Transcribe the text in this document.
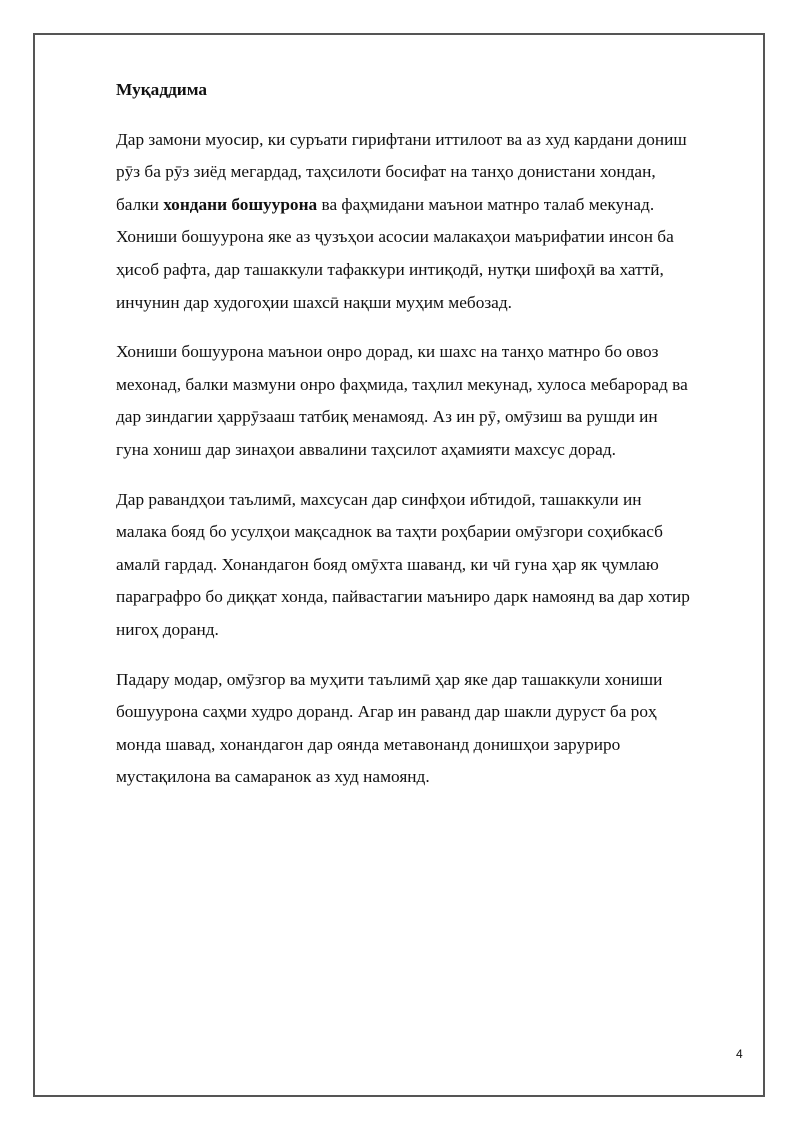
Муқаддима
Дар замони муосир, ки суръати гирифтани иттилоот ва аз худ кардани дониш
рӯз ба рӯз зиёд мегардад, таҳсилоти босифат на танҳо донистани хондан,
балки хондани бошуурона ва фаҳмидани маънои матнро талаб мекунад.
Хониши бошуурона яке аз ҷузъҳои асосии малакаҳои маърифатии инсон ба
ҳисоб рафта, дар ташаккули тафаккури интиқодӣ, нутқи шифоҳӣ ва хаттӣ,
инчунин дар худогоҳии шахсӣ нақши муҳим мебозад.
Хониши бошуурона маънои онро дорад, ки шахс на танҳо матнро бо овоз
мехонад, балки мазмуни онро фаҳмида, таҳлил мекунад, хулоса мебарорад ва
дар зиндагии ҳаррӯзааш татбиқ менамояд. Аз ин рӯ, омӯзиш ва рушди ин
гуна хониш дар зинаҳои аввалини таҳсилот аҳамияти махсус дорад.
Дар равандҳои таълимӣ, махсусан дар синфҳои ибтидоӣ, ташаккули ин
малака бояд бо усулҳои мақсаднок ва таҳти роҳбарии омӯзгори соҳибкасб
амалӣ гардад. Хонандагон бояд омӯхта шаванд, ки чӣ гуна ҳар як ҷумлаю
параграфро бо диққат хонда, пайвастагии маъниро дарк намоянд ва дар хотир
нигоҳ доранд.
Падару модар, омӯзгор ва муҳити таълимӣ ҳар яке дар ташаккули хониши
бошуурона саҳми худро доранд. Агар ин раванд дар шакли дуруст ба роҳ
монда шавад, хонандагон дар оянда метавонанд донишҳои заруриро
мустақилона ва самаранок аз худ намоянд.
4
